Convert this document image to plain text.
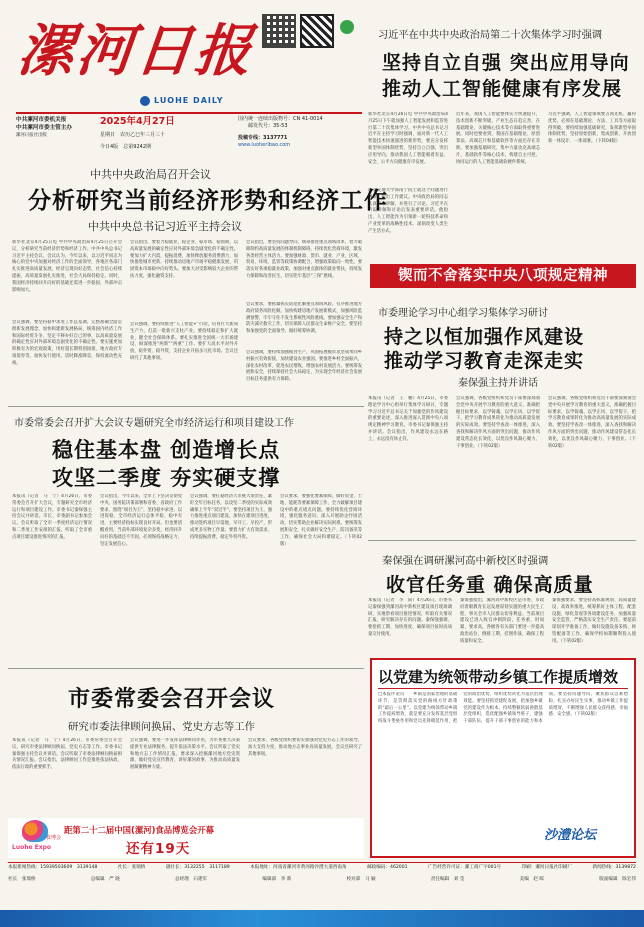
漯河日报
LUOHE DAILY
中共漯河市委机关报
中共漯河市委主管主办
漯河日报社出版
2025年4月27日
星期日 农历乙巳年三月三十
今日4版 总第9242期
国内统一连续出版物号：CN 41-0014
邮发代号：35-53
投稿专线：3137771
www.luoheribao.com
习近平在中共中央政治局第二十次集体学习时强调
坚持自立自强 突出应用导向
推动人工智能健康有序发展
新华社北京4月26日电 中共中央政治局4月25日下午就加强人工智能发展和监管进行第二十次集体学习。中共中央总书记习近平在主持学习时强调，面对新一代人工智能技术快速演进的新形势，要充分发挥新型举国体制优势，坚持自立自强，突出应用导向，推动我国人工智能朝着有益、安全、公平方向健康有序发展。
西安交通大学郑南宁院士就这个问题进行讲解，提出工作建议。中央政治局的同志认真听取讲解，并进行了讨论。习近平在听取讲解和讨论后发表重要讲话。他指出，人工智能作为引领新一轮科技革命和产业变革的战略性技术，深刻改变人类生产生活方式。
近年来，我国人工智能整体实力快速提升，技术创新不断突破，产业生态日趋完善，在基础理论、关键核心技术等方面取得重要进展。同时也要看到，我国在基础理论、原创算法、高端芯片和基础软件等方面还存在差距。要加强基础研究，集中力量攻克高端芯片、基础软件等核心技术，构建自主可控、协同运行的人工智能基础软硬件系统。
习近平强调，人工智能领域要占领先机、赢得优势，必须在基础理论、方法、工具等方面取得突破。要持续加强基础研究，发挥新型举国体制优势，坚持原始创新、集成创新、开放创新一体设计、一体部署。（下转04版）
中共中央政治局召开会议
分析研究当前经济形势和经济工作
中共中央总书记习近平主持会议
新华社北京4月25日电 中共中央政治局4月25日召开会议，分析研究当前经济形势和经济工作。中共中央总书记习近平主持会议。会议认为，今年以来，以习近平同志为核心的党中央加强对经济工作的全面领导，各地区各部门扎实推进高质量发展，经济呈现向好态势，社会信心持续提振，高质量发展扎实推进，社会大局保持稳定。同时，我国经济持续回升向好的基础还需进一步稳固，外部冲击影响加大。
会议强调，要坚持稳中求进工作总基调，完整准确全面贯彻新发展理念，加快构建新发展格局，统筹国内经济工作和国际经贸斗争，坚定不移办好自己的事，以高质量发展的确定性应对外部环境急剧变化的不确定性。要实施更加积极有为的宏观政策，用好超长期特别国债、地方政府专项债券等，加快发行使用，适时降准降息，保持流动性充裕。
会议指出，要着力稳就业、稳企业、稳市场、稳预期，以高质量发展的确定性应对外部环境急剧变化的不确定性。要加力扩大内需，提振消费，加快释放服务消费潜力，加快推进城市更新，持续推动房地产市场平稳健康发展，巩固资本市场稳中向好势头。要加大对受影响较大企业的帮扶力度，强化融资支持。
会议强调，要持续推进“人工智能+”行动，培育壮大新质生产力，打造一批新兴支柱产业。要持续稳定和扩大就业，健全社会保障体系。要扎实推进全国统一大市场建设，纵深推进“两新”“两重”工作。要扩大高水平对外开放，稳外贸、稳外资，支持企业开拓多元化市场。会议还研究了其他事项。
会议指出，要坚持问题导向，统筹推进重点领域改革，着力破除制约高质量发展的体制机制障碍，持续优化营商环境，激发各类经营主体活力。要加强财政、货币、就业、产业、区域、贸易、环境、监管等政策协调配合，增强政策取向一致性。要落实好各项稳就业政策，加强对重点群体的就业帮扶，持续发力保障和改善民生，切实兜牢基层“三保”底线。
会议要求，要抓紧抓实防范化解重点领域风险，有序推进地方政府债务风险化解，加快构建房地产发展新模式，加强风险监测预警，牢牢守住不发生系统性风险底线。要加强安全生产和防灾减灾救灾工作，切实保障人民群众生命财产安全。要坚持和加强党的全面领导，做好统筹协调。
会议强调，要持续加强粮食生产，巩固拓展脱贫攻坚成果同乡村振兴有效衔接，加快建设农业强国。要推进乡村全面振兴，深化农村改革，促进农民增收，增强农村发展活力。要统筹发展和安全，持续保持社会大局稳定，为实现全年经济社会发展目标任务提供有力保障。
锲而不舍落实中央八项规定精神
市委理论学习中心组学习集体学习研讨
持之以恒加强作风建设
推动学习教育走深走实
秦保强主持并讲话
本报讯（记者　王　鹏）4月25日，市委理论学习中心组举行集体学习研讨，专题学习习近平总书记关于加强党的作风建设的重要论述，深入推进深入贯彻中央八项规定精神学习教育。市委书记秦保强主持并讲话。会议指出，作风建设永远在路上，永远没有休止符。
会议强调，各级党组织和党员干部要深刻领会党中央开展学习教育的重大意义，准确把握目标要求，以学铸魂、以学正风、以学促干，把学习教育成果转化为推动高质量发展的实际成效。要坚持学查改一体推进，深入查找和解决作风方面的突出问题，推动作风建设常态化长效化，以优良作风凝心聚力、干事创业。（下转02版）
会议强调，各级党组织和党员干部要深刻领会党中央开展学习教育的重大意义，准确把握目标要求，以学铸魂、以学正风、以学促干，把学习教育成果转化为推动高质量发展的实际成效。要坚持学查改一体推进，深入查找和解决作风方面的突出问题，推动作风建设常态化长效化，以优良作风凝心聚力、干事创业。（下转02版）
市委常委会召开扩大会议专题研究全市经济运行和项目建设工作
稳住基本盘 创造增长点
攻坚二季度 夯实硬支撑
本报讯（记者　马　宁）4月26日，市委常委会召开扩大会议，专题研究全市经济运行和项目建设工作。市委书记秦保强主持会议并讲话。市长、市委副书记参加会议。会议听取了全市一季度经济运行情况和二季度工作安排的汇报，听取了全市重点项目建设推进情况的汇报。
会议指出，今年以来，全市上下坚决贯彻党中央、国务院决策部署和省委、省政府工作要求，围绕“项目为王”，坚持稳中求进、以进促稳，全市经济运行总体平稳、稳中有进，主要经济指标实现良好开局。但也要清醒看到，当前外部环境复杂多变，经济回升向好的基础还不牢固，必须保持战略定力，坚定发展信心。
会议强调，要扛稳经济大市挑大梁责任，紧盯全年目标任务，以攻坚二季度的实际成效确保上半年“双过半”。要坚持项目为王，强力推进重点项目建设，加快在建项目进度，推动签约项目早落地、早开工、早投产，形成更多实物工作量。要着力扩大有效需求，持续提振消费，稳定外贸外资。
会议要求，要强化要素保障，做好资金、土地、能耗等要素保障工作，全力破解项目建设中的难点堵点问题。要持续优化营商环境，强化服务意识，深入开展助企纾困活动，切实帮助企业解决实际困难。要统筹发展和安全，扎实做好安全生产、防汛备汛等工作，确保社会大局和谐稳定。（下转02版）
秦保强在调研漯河高中新校区时强调
收官任务重 确保高质量
本报讯（记者　李　阳）4月26日，市委书记秦保强到漯河高中新校区建设项目现场调研，实地察看项目推进情况，听取有关情况汇报，研究解决存在的问题。秦保强强调，要抢抓工期、加快进度，确保项目按时高质量交付使用。
秦保强指出，漯河高中新校区是市委、市政府着眼教育长远发展谋划实施的重大民生工程，事关全市人民群众切身利益。当前项目建设已进入收官冲刺阶段，任务重、时间紧、要求高，各级各有关部门要进一步提高政治站位，倒排工期、挂图作战，确保工程质量和安全。
秦保强要求，要坚持高标准规划、高质量建设、高效率推进，统筹抓好主体工程、配套设施、绿化景观等各项建设任务，加强质量安全监管，严格落实安全生产责任。要超前谋划开学准备工作，做好设施设备采购、师资配备等工作，确保学校如期顺利投入使用。（下转02版）
市委常委会召开会议
研究市委法律顾问换届、党史方志等工作
本报讯（记者　马　宁）4月26日，市委常委会召开会议，研究市委法律顾问换届、党史方志等工作。市委书记秦保强主持会议并讲话。会议听取了市委法律顾问换届相关情况汇报。会议指出，法律顾问工作是推进依法执政、依法行政的重要抓手。
会议强调，要进一步发挥法律顾问作用，为市委重大决策提供专业法律服务，提升依法决策水平。会议听取了党史和地方志工作情况汇报，要求深入挖掘漯河地方党史资源，做好党史宣传教育，讲好漯河故事，为推动高质量发展凝聚精神力量。
会议要求，各级党组织要切实加强对党史方志工作的领导，加大支持力度，推动地方志事业高质量发展。会议还研究了其他事项。
Luohe Expo
食博会
距第二十二届中国(漯河)食品博览会开幕
还有19天
以党建为统领带动乡镇工作提质增效
□本报评论员　　乡镇是国家治理的基础环节，是贯彻落实党的路线方针政策的“最后一公里”。以党建为统领带动乡镇工作提质增效，就是要充分发挥基层党组织战斗堡垒作用和党员先锋模范作用，把党的政治优势、组织优势转化为基层治理效能。要坚持抓党建促发展，把加强乡镇党的建设作为根本，持续整顿软弱涣散基层党组织，选优配强乡镇领导班子，建强干部队伍，提升干部干事创业的能力和本领。要坚持问题导向，聚焦群众急难愁盼，扎实办好民生实事，推动乡镇工作提质增效，不断增强人民群众获得感、幸福感、安全感。（下转02版）
沙澧论坛
本报新闻热线：15939503609　3139148	社长：张瑞桥	副社长：3132255　3117189	本报地址：河南省漯河市黄河路沙澧大道西南角	邮政编码：462001	广告经营许可证：漯工商广字001号	印刷：漯河日报社印刷厂	新闻热线：3139872
社长　张瑞桥	总编辑　严 晓	总经理　石建军	编辑部　李 新	校对部　马 颖	责任编辑　刘 莹	美编　赵 晖	版面编辑　陈宏伟
